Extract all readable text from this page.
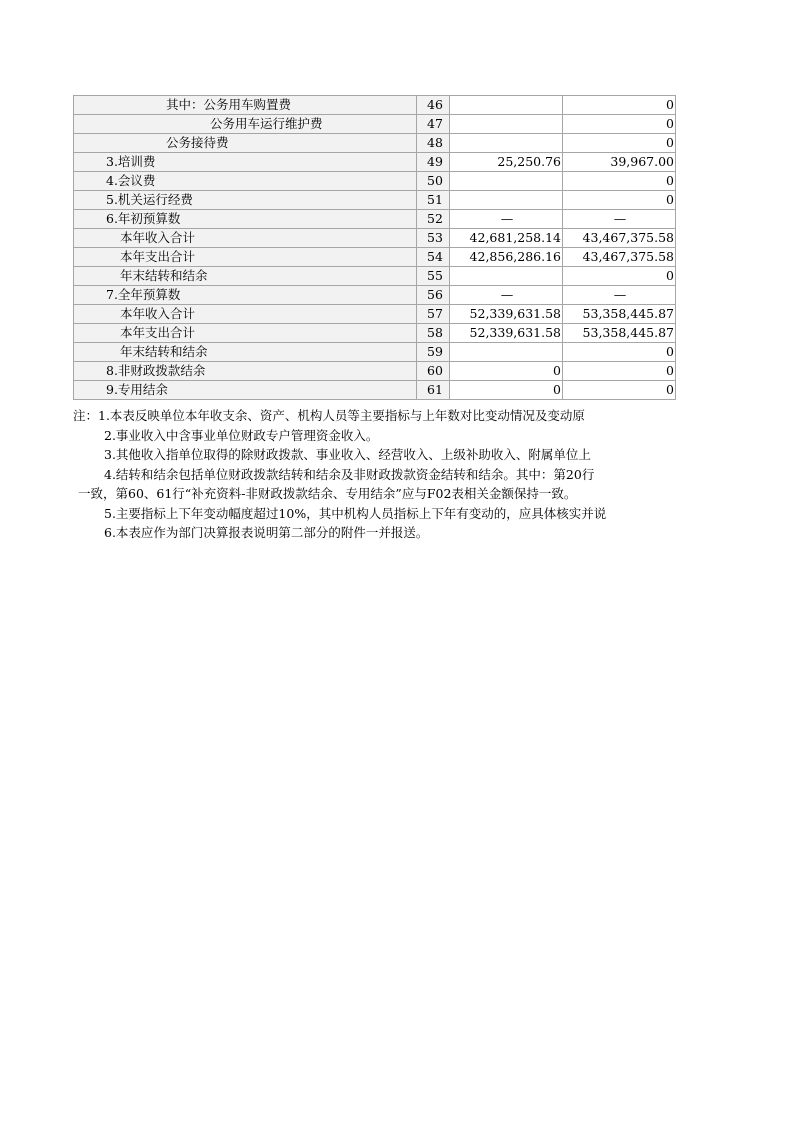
其中：公务用车购置费	46		0
公务用车运行维护费	47		0
公务接待费	48		0
3.培训费	49	25,250.76	39,967.00
4.会议费	50		0
5.机关运行经费	51		0
6.年初预算数	52	—	—
本年收入合计	53	42,681,258.14	43,467,375.58
本年支出合计	54	42,856,286.16	43,467,375.58
年末结转和结余	55		0
7.全年预算数	56	—	—
本年收入合计	57	52,339,631.58	53,358,445.87
本年支出合计	58	52,339,631.58	53,358,445.87
年末结转和结余	59		0
8.非财政拨款结余	60	0	0
9.专用结余	61	0	0
注：1.本表反映单位本年收支余、资产、机构人员等主要指标与上年数对比变动情况及变动原
2.事业收入中含事业单位财政专户管理资金收入。
3.其他收入指单位取得的除财政拨款、事业收入、经营收入、上级补助收入、附属单位上
4.结转和结余包括单位财政拨款结转和结余及非财政拨款资金结转和结余。其中：第20行
一致，第60、61行“补充资料-非财政拨款结余、专用结余”应与F02表相关金额保持一致。
5.主要指标上下年变动幅度超过10%，其中机构人员指标上下年有变动的，应具体核实并说
6.本表应作为部门决算报表说明第二部分的附件一并报送。
